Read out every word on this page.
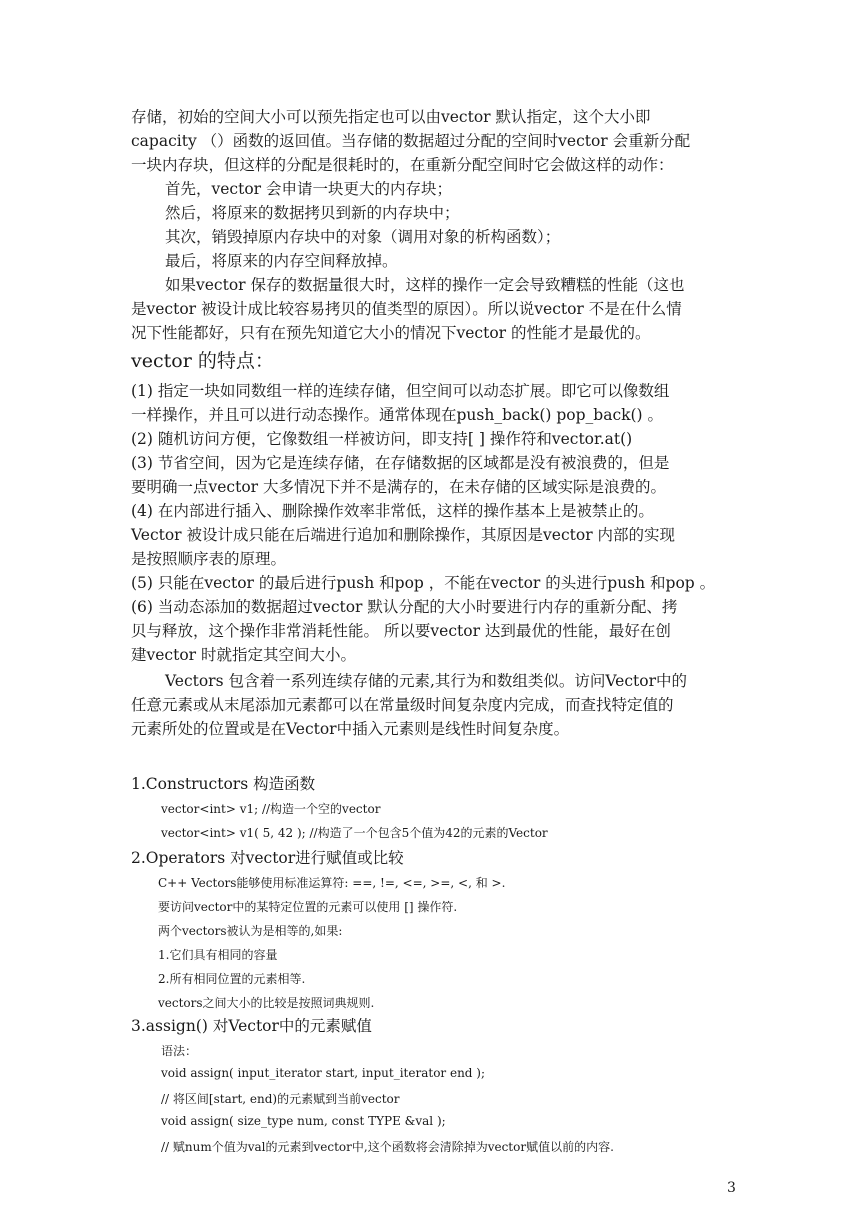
存储，初始的空间大小可以预先指定也可以由vector 默认指定，这个大小即

capacity （）函数的返回值。当存储的数据超过分配的空间时vector 会重新分配

一块内存块，但这样的分配是很耗时的，在重新分配空间时它会做这样的动作：

首先，vector 会申请一块更大的内存块；

然后，将原来的数据拷贝到新的内存块中；

其次，销毁掉原内存块中的对象（调用对象的析构函数）；

最后，将原来的内存空间释放掉。

如果vector 保存的数据量很大时，这样的操作一定会导致糟糕的性能（这也

是vector 被设计成比较容易拷贝的值类型的原因）。所以说vector 不是在什么情

况下性能都好，只有在预先知道它大小的情况下vector 的性能才是最优的。

vector 的特点：

(1) 指定一块如同数组一样的连续存储，但空间可以动态扩展。即它可以像数组

一样操作，并且可以进行动态操作。通常体现在push_back() pop_back() 。

(2) 随机访问方便，它像数组一样被访问，即支持[ ] 操作符和vector.at()

(3) 节省空间，因为它是连续存储，在存储数据的区域都是没有被浪费的，但是

要明确一点vector 大多情况下并不是满存的，在未存储的区域实际是浪费的。

(4) 在内部进行插入、删除操作效率非常低，这样的操作基本上是被禁止的。

Vector 被设计成只能在后端进行追加和删除操作，其原因是vector 内部的实现

是按照顺序表的原理。

(5) 只能在vector 的最后进行push 和pop ，不能在vector 的头进行push 和pop 。

(6) 当动态添加的数据超过vector 默认分配的大小时要进行内存的重新分配、拷

贝与释放，这个操作非常消耗性能。 所以要vector 达到最优的性能，最好在创

建vector 时就指定其空间大小。

Vectors 包含着一系列连续存储的元素,其行为和数组类似。访问Vector中的

任意元素或从末尾添加元素都可以在常量级时间复杂度内完成，而查找特定值的

元素所处的位置或是在Vector中插入元素则是线性时间复杂度。

1.Constructors 构造函数

vector<int> v1; //构造一个空的vector

vector<int> v1( 5, 42 ); //构造了一个包含5个值为42的元素的Vector

2.Operators 对vector进行赋值或比较

C++ Vectors能够使用标准运算符: ==, !=, <=, >=, <, 和 >.

要访问vector中的某特定位置的元素可以使用 [] 操作符.

两个vectors被认为是相等的,如果:

1.它们具有相同的容量

2.所有相同位置的元素相等.

vectors之间大小的比较是按照词典规则.

3.assign() 对Vector中的元素赋值

语法：

void assign( input_iterator start, input_iterator end );

// 将区间[start, end)的元素赋到当前vector

void assign( size_type num, const TYPE &val );

// 赋num个值为val的元素到vector中,这个函数将会清除掉为vector赋值以前的内容.

3
